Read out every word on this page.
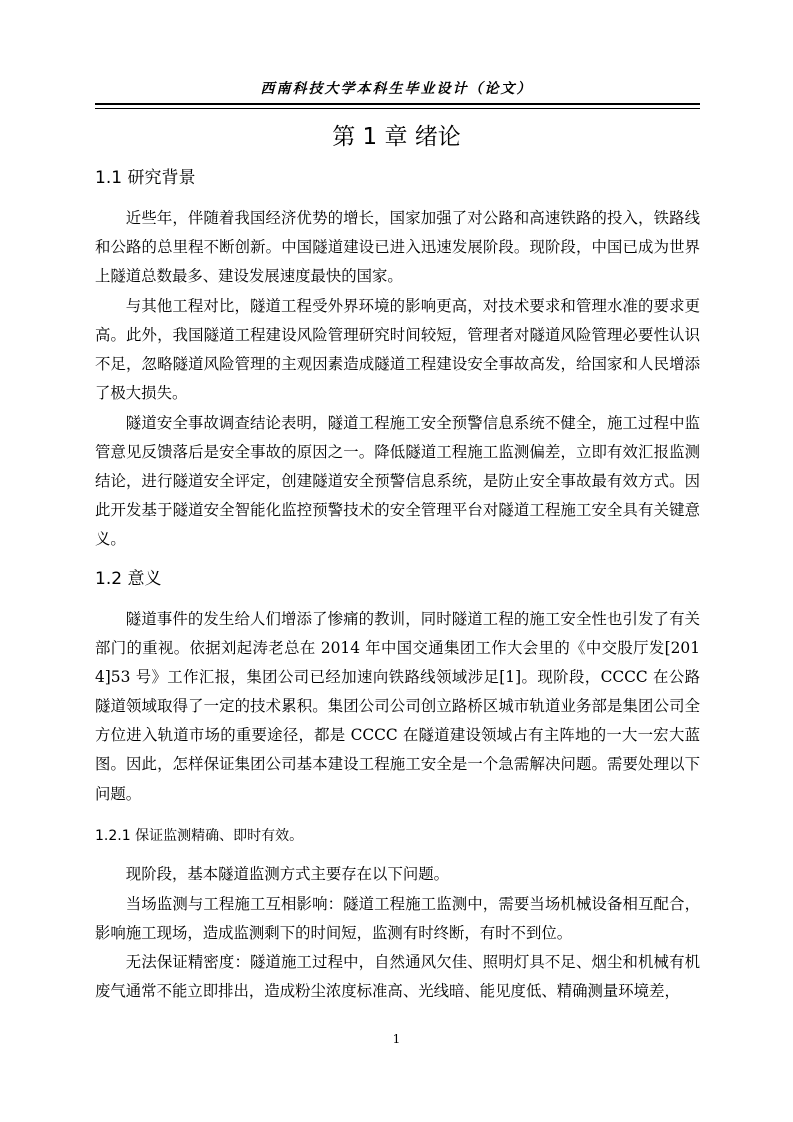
西南科技大学本科生毕业设计（论文）
第 1 章 绪论
1.1 研究背景

近些年，伴随着我国经济优势的增长，国家加强了对公路和高速铁路的投入，铁路线和公路的总里程不断创新。中国隧道建设已进入迅速发展阶段。现阶段，中国已成为世界上隧道总数最多、建设发展速度最快的国家。

与其他工程对比，隧道工程受外界环境的影响更高，对技术要求和管理水准的要求更高。此外，我国隧道工程建设风险管理研究时间较短，管理者对隧道风险管理必要性认识不足，忽略隧道风险管理的主观因素造成隧道工程建设安全事故高发，给国家和人民增添了极大损失。

隧道安全事故调查结论表明，隧道工程施工安全预警信息系统不健全，施工过程中监管意见反馈落后是安全事故的原因之一。降低隧道工程施工监测偏差，立即有效汇报监测结论，进行隧道安全评定，创建隧道安全预警信息系统，是防止安全事故最有效方式。因此开发基于隧道安全智能化监控预警技术的安全管理平台对隧道工程施工安全具有关键意义。

1.2 意义

隧道事件的发生给人们增添了惨痛的教训，同时隧道工程的施工安全性也引发了有关部门的重视。依据刘起涛老总在 2014 年中国交通集团工作大会里的《中交股厅发[2014]53 号》工作汇报，集团公司已经加速向铁路线领域涉足[1]。现阶段，CCCC 在公路隧道领域取得了一定的技术累积。集团公司公司创立路桥区城市轨道业务部是集团公司全方位进入轨道市场的重要途径，都是 CCCC 在隧道建设领域占有主阵地的一大一宏大蓝图。因此，怎样保证集团公司基本建设工程施工安全是一个急需解决问题。需要处理以下问题。

1.2.1 保证监测精确、即时有效。

现阶段，基本隧道监测方式主要存在以下问题。

当场监测与工程施工互相影响：隧道工程施工监测中，需要当场机械设备相互配合，影响施工现场，造成监测剩下的时间短，监测有时终断，有时不到位。

无法保证精密度：隧道施工过程中，自然通风欠佳、照明灯具不足、烟尘和机械有机废气通常不能立即排出，造成粉尘浓度标准高、光线暗、能见度低、精确测量环境差，

1
